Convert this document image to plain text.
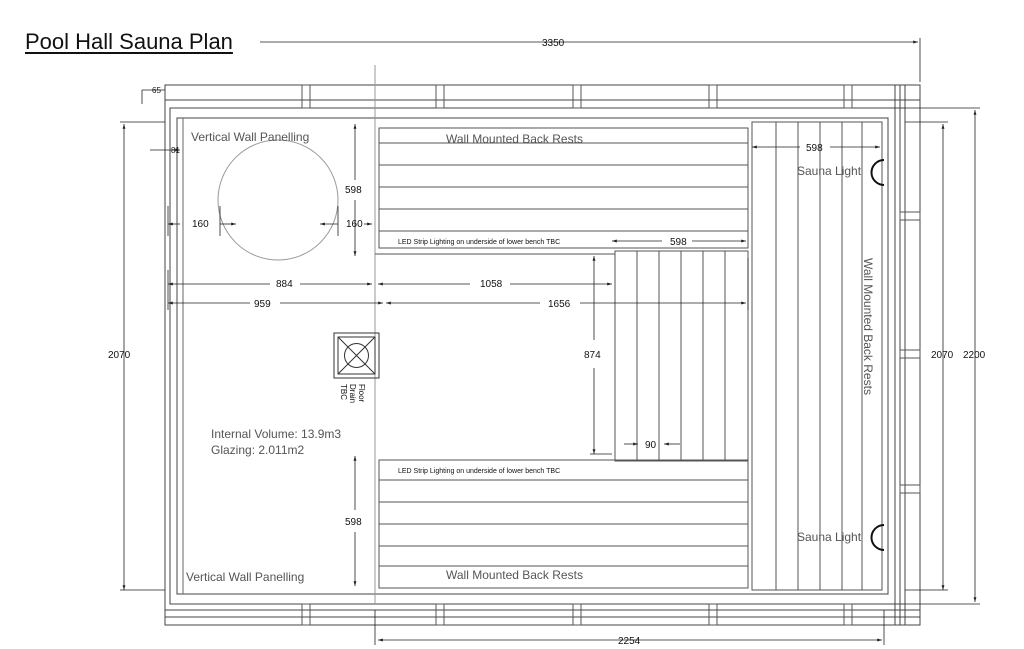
Pool Hall Sauna Plan	3350
2254
2070	2070 2200
65
81
160	160
598
598
598
598
884
959
1058
1656
874
90
Vertical Wall Panelling
Vertical Wall Panelling
Wall Mounted Back Rests
Wall Mounted Back Rests
Wall Mounted Back Rests
Sauna Light
Sauna Light
LED Strip Lighting on underside of lower bench TBC
LED Strip Lighting on underside of lower bench TBC
Floor
Drain
TBC
Internal Volume: 13.9m3
Glazing: 2.011m2
